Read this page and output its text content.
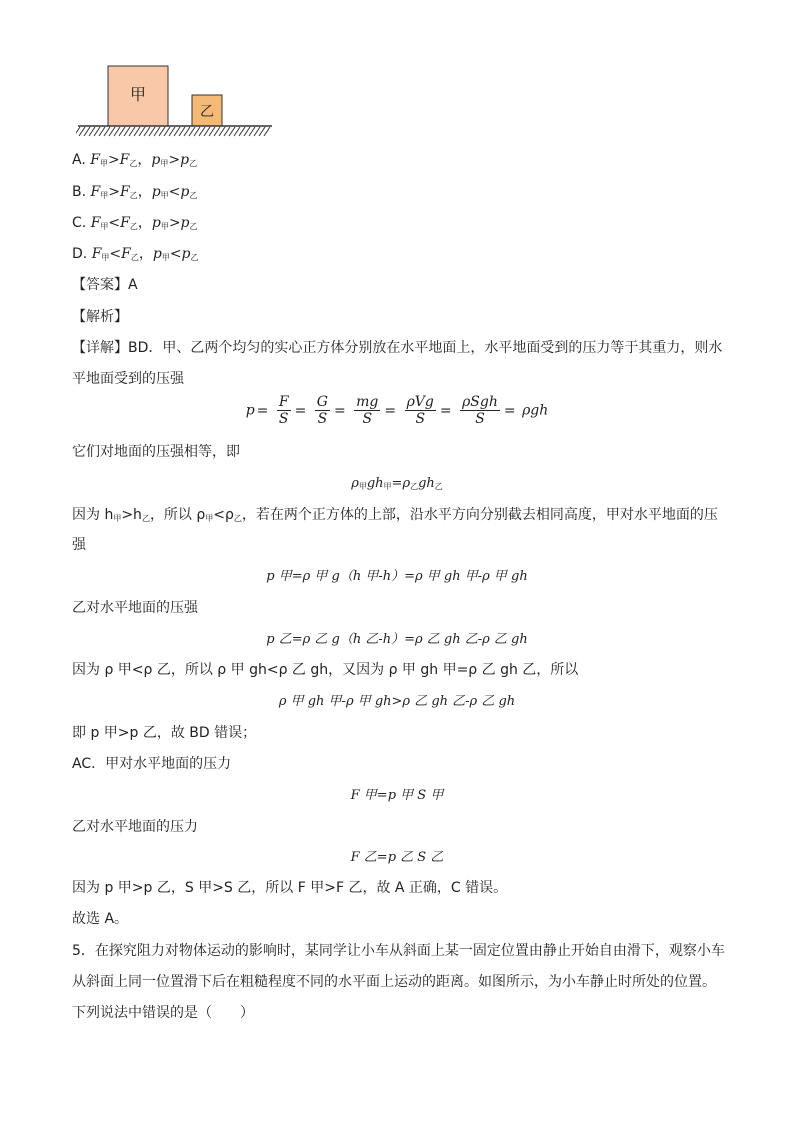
甲
乙
A. $F_甲>F_乙$，$p_甲>p_乙$
B. $F_甲>F_乙$，$p_甲<p_乙$
C. $F_甲<F_乙$，$p_甲>p_乙$
D. $F_甲<F_乙$，$p_甲<p_乙$
【答案】A
【解析】
【详解】BD．甲、乙两个均匀的实心正方体分别放在水平地面上，水平地面受到的压力等于其重力，则水
平地面受到的压强
$p = \frac{F}{S} = \frac{G}{S} = \frac{mg}{S} = \frac{\text{ρVg}}{S} = \frac{\text{ρSgh}}{S} = \rho gh$
它们对地面的压强相等，即
$\rho_甲gh_甲=\rho_乙gh_乙$
因为 $h_甲>h_乙$，所以 $\rho_甲<\rho_乙$，若在两个正方体的上部，沿水平方向分别截去相同高度，甲对水平地面的压
强
p 甲=ρ 甲 g（h 甲-h）=ρ 甲 gh 甲-ρ 甲 gh
乙对水平地面的压强
p 乙=ρ 乙 g（h 乙-h）=ρ 乙 gh 乙-ρ 乙 gh
因为 ρ 甲<ρ 乙，所以 ρ 甲 gh<ρ 乙 gh，又因为 ρ 甲 gh 甲=ρ 乙 gh 乙，所以
ρ 甲 gh 甲-ρ 甲 gh>ρ 乙 gh 乙-ρ 乙 gh
即 p 甲>p 乙，故 BD 错误；
AC．甲对水平地面的压力
F 甲=p 甲 S 甲
乙对水平地面的压力
F 乙=p 乙 S 乙
因为 p 甲>p 乙，S 甲>S 乙，所以 F 甲>F 乙，故 A 正确，C 错误。
故选 A。
5．在探究阻力对物体运动的影响时，某同学让小车从斜面上某一固定位置由静止开始自由滑下，观察小车
从斜面上同一位置滑下后在粗糙程度不同的水平面上运动的距离。如图所示，为小车静止时所处的位置。
下列说法中错误的是（　　）
